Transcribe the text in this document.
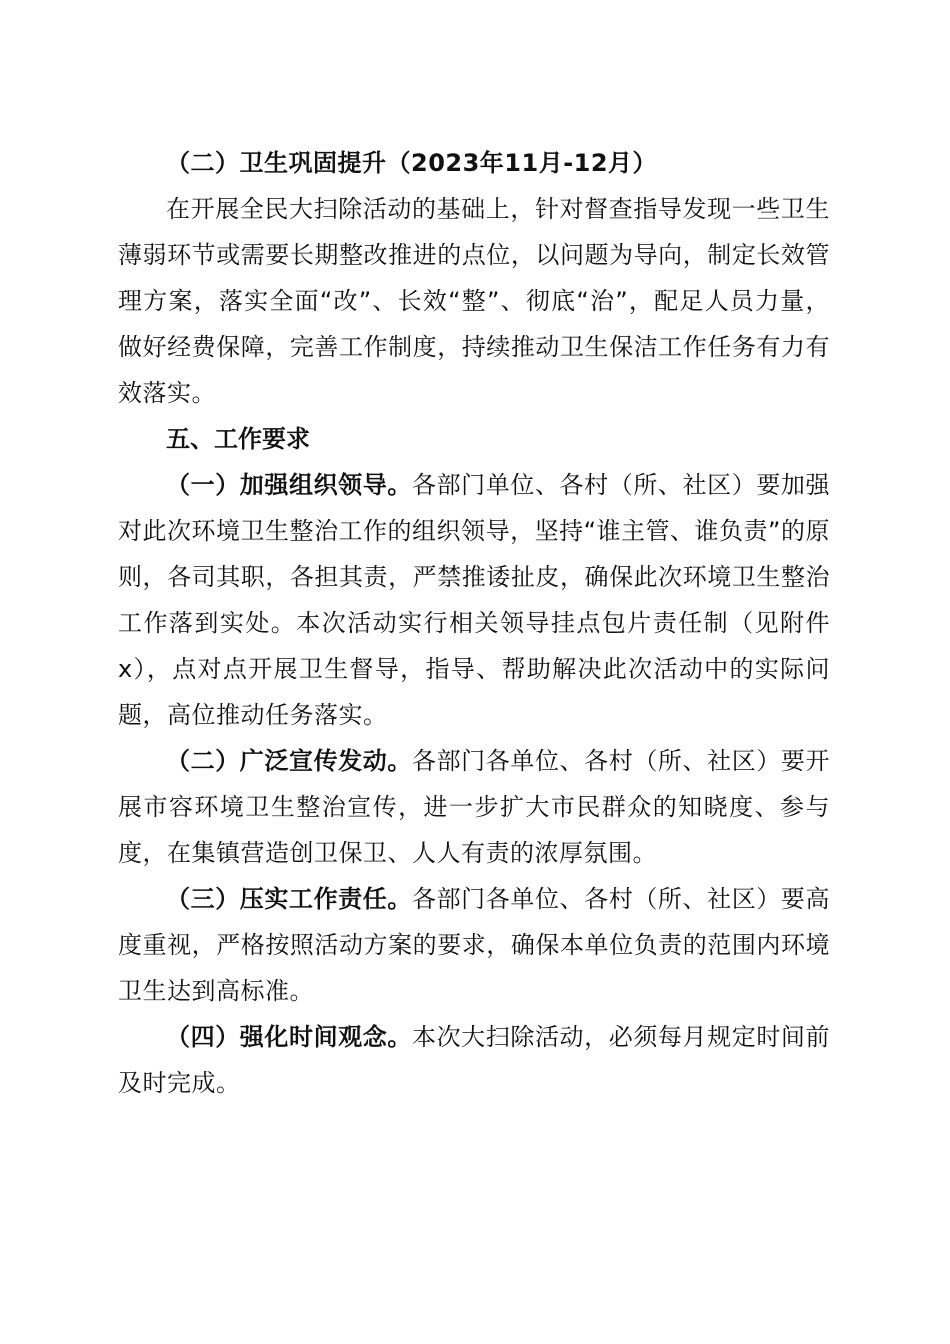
（二）卫生巩固提升（2023年11月-12月）

在开展全民大扫除活动的基础上，针对督查指导发现一些卫生薄弱环节或需要长期整改推进的点位，以问题为导向，制定长效管理方案，落实全面“改”、长效“整”、彻底“治”，配足人员力量，做好经费保障，完善工作制度，持续推动卫生保洁工作任务有力有效落实。

五、工作要求

（一）加强组织领导。各部门单位、各村（所、社区）要加强对此次环境卫生整治工作的组织领导，坚持“谁主管、谁负责”的原则，各司其职，各担其责，严禁推诿扯皮，确保此次环境卫生整治工作落到实处。本次活动实行相关领导挂点包片责任制（见附件x），点对点开展卫生督导，指导、帮助解决此次活动中的实际问题，高位推动任务落实。

（二）广泛宣传发动。各部门各单位、各村（所、社区）要开展市容环境卫生整治宣传，进一步扩大市民群众的知晓度、参与度，在集镇营造创卫保卫、人人有责的浓厚氛围。

（三）压实工作责任。各部门各单位、各村（所、社区）要高度重视，严格按照活动方案的要求，确保本单位负责的范围内环境卫生达到高标准。

（四）强化时间观念。本次大扫除活动，必须每月规定时间前及时完成。
